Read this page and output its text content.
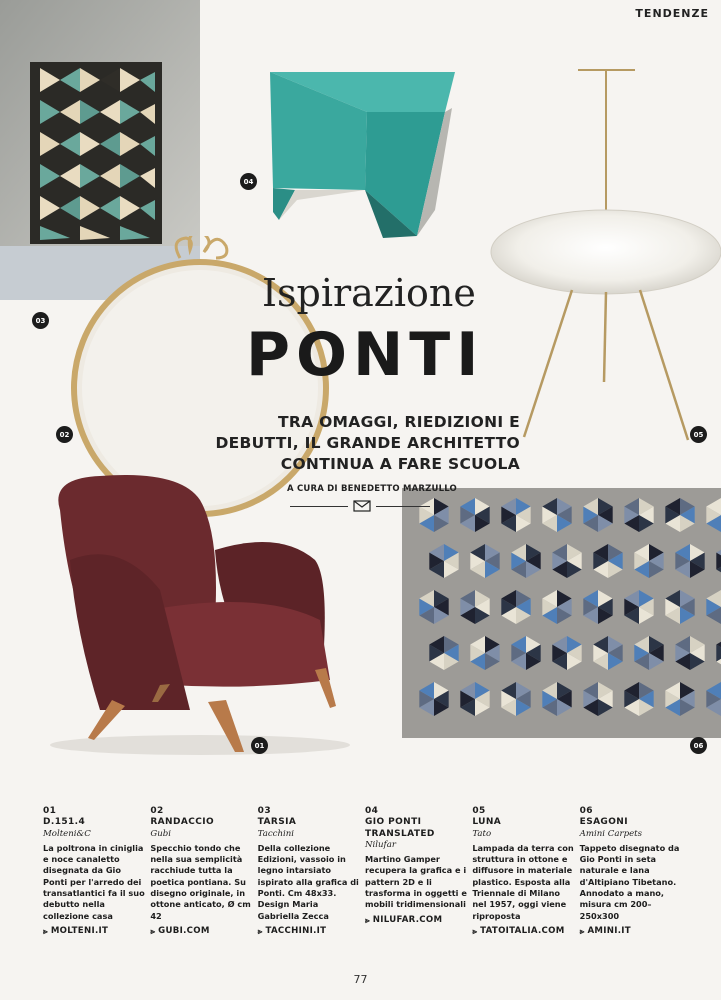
04
03
02	05
01	06
TENDENZE
Ispirazione
PONTI
TRA OMAGGI, RIEDIZIONI E
DEBUTTI, IL GRANDE ARCHITETTO
CONTINUA A FARE SCUOLA
A CURA DI BENEDETTO MARZULLO
01
D.151.4
Molteni&C
La poltrona in ciniglia e noce canaletto disegnata da Gio Ponti per l'arredo dei transatlantici fa il suo debutto nella collezione casa
⪢ MOLTENI.IT
02
RANDACCIO
Gubi
Specchio tondo che nella sua semplicità racchiude tutta la poetica pontiana. Su disegno originale, in ottone anticato, Ø cm 42
⪢ GUBI.COM
03
TARSIA
Tacchini
Della collezione Edizioni, vassoio in legno intarsiato ispirato alla grafica di Ponti. Cm 48x33. Design Maria Gabriella Zecca
⪢ TACCHINI.IT
04
GIO PONTI TRANSLATED
Nilufar
Martino Gamper recupera la grafica e i pattern 2D e li trasforma in oggetti e mobili tridimensionali
⪢ NILUFAR.COM
05
LUNA
Tato
Lampada da terra con struttura in ottone e diffusore in materiale plastico. Esposta alla Triennale di Milano nel 1957, oggi viene riproposta
⪢ TATOITALIA.COM
06
ESAGONI
Amini Carpets
Tappeto disegnato da Gio Ponti in seta naturale e lana d'Altipiano Tibetano. Annodato a mano, misura cm 200–250x300
⪢ AMINI.IT
77
